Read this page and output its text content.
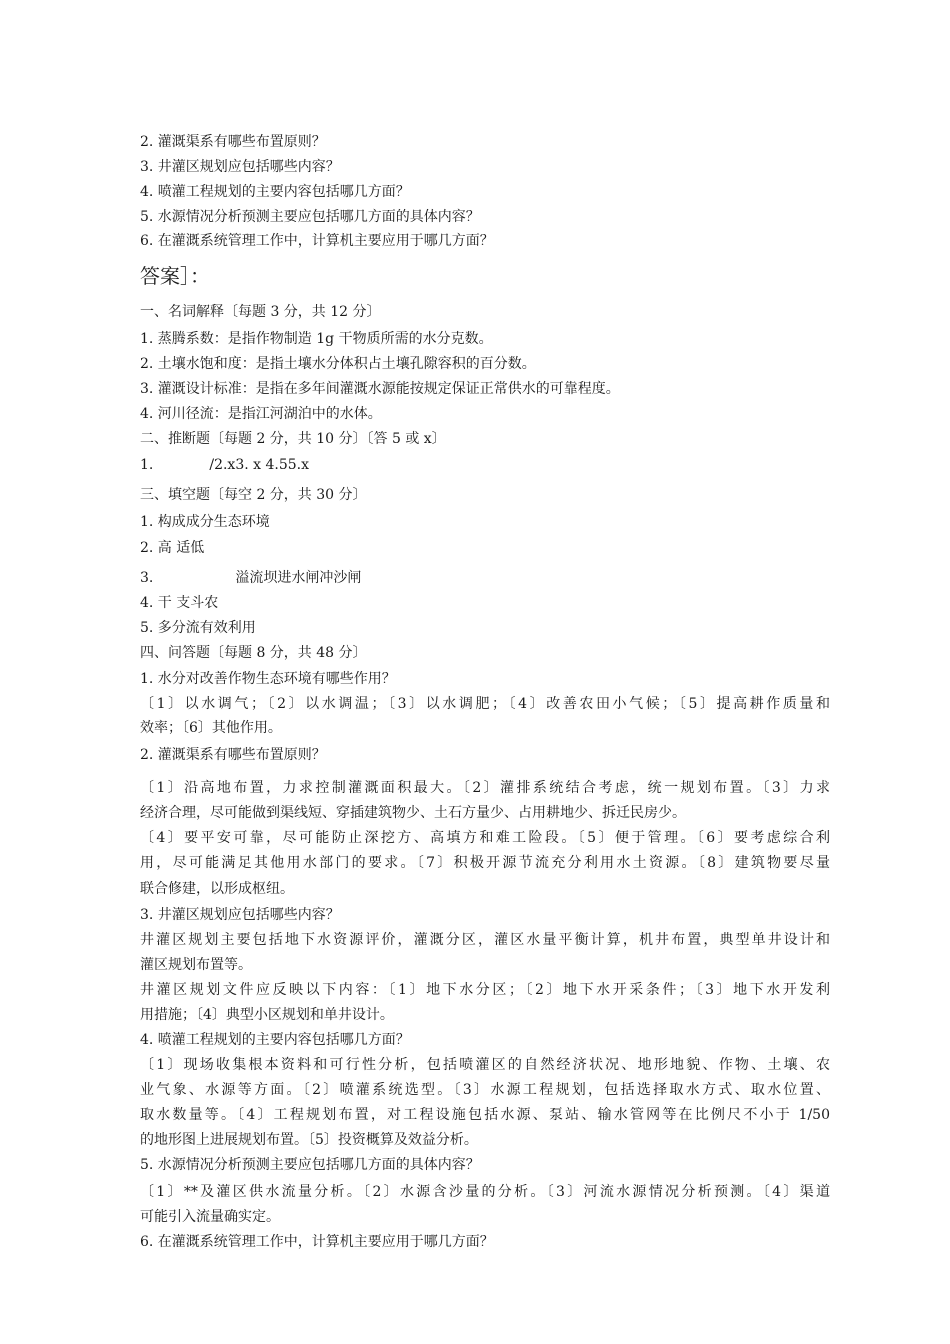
2. 灌溉渠系有哪些布置原则？
3. 井灌区规划应包括哪些内容？
4. 喷灌工程规划的主要内容包括哪几方面？
5. 水源情况分析预测主要应包括哪几方面的具体内容？
6. 在灌溉系统管理工作中，计算机主要应用于哪几方面？
答案］：
一、名词解释〔每题 3 分，共 12 分〕
1. 蒸腾系数：是指作物制造 1g 干物质所需的水分克数。
2. 土壤水饱和度：是指土壤水分体积占土壤孔隙容积的百分数。
3. 灌溉设计标准：是指在多年间灌溉水源能按规定保证正常供水的可靠程度。
4. 河川径流：是指江河湖泊中的水体。
二、推断题〔每题 2 分，共 10 分〕〔答 5 或 x〕
1.	/2.x3. x 4.55.x
三、填空题〔每空 2 分，共 30 分〕
1. 构成成分生态环境
2. 高 适低
3.	溢流坝进水闸冲沙闸
4. 干 支斗农
5. 多分流有效利用
四、问答题〔每题 8 分，共 48 分〕
1. 水分对改善作物生态环境有哪些作用？
〔1〕以水调气；〔2〕以水调温；〔3〕以水调肥；〔4〕改善农田小气候；〔5〕提高耕作质量和
效率；〔6〕其他作用。
2. 灌溉渠系有哪些布置原则？
〔1〕沿高地布置，力求控制灌溉面积最大。〔2〕灌排系统结合考虑，统一规划布置。〔3〕力求
经济合理，尽可能做到渠线短、穿插建筑物少、土石方量少、占用耕地少、拆迁民房少。
〔4〕要平安可靠，尽可能防止深挖方、高填方和难工险段。〔5〕便于管理。〔6〕要考虑综合利
用，尽可能满足其他用水部门的要求。〔7〕积极开源节流充分利用水土资源。〔8〕建筑物要尽量
联合修建，以形成枢纽。
3. 井灌区规划应包括哪些内容？
井灌区规划主要包括地下水资源评价，灌溉分区，灌区水量平衡计算，机井布置，典型单井设计和
灌区规划布置等。
井灌区规划文件应反映以下内容：〔1〕地下水分区；〔2〕地下水开采条件；〔3〕地下水开发利
用措施；〔4〕典型小区规划和单井设计。
4. 喷灌工程规划的主要内容包括哪几方面？
〔1〕现场收集根本资料和可行性分析，包括喷灌区的自然经济状况、地形地貌、作物、土壤、农
业气象、水源等方面。〔2〕喷灌系统选型。〔3〕水源工程规划，包括选择取水方式、取水位置、
取水数量等。〔4〕工程规划布置，对工程设施包括水源、泵站、输水管网等在比例尺不小于 1/50
的地形图上进展规划布置。〔5〕投资概算及效益分析。
5. 水源情况分析预测主要应包括哪几方面的具体内容？
〔1〕**及灌区供水流量分析。〔2〕水源含沙量的分析。〔3〕河流水源情况分析预测。〔4〕渠道
可能引入流量确实定。
6. 在灌溉系统管理工作中，计算机主要应用于哪几方面？
